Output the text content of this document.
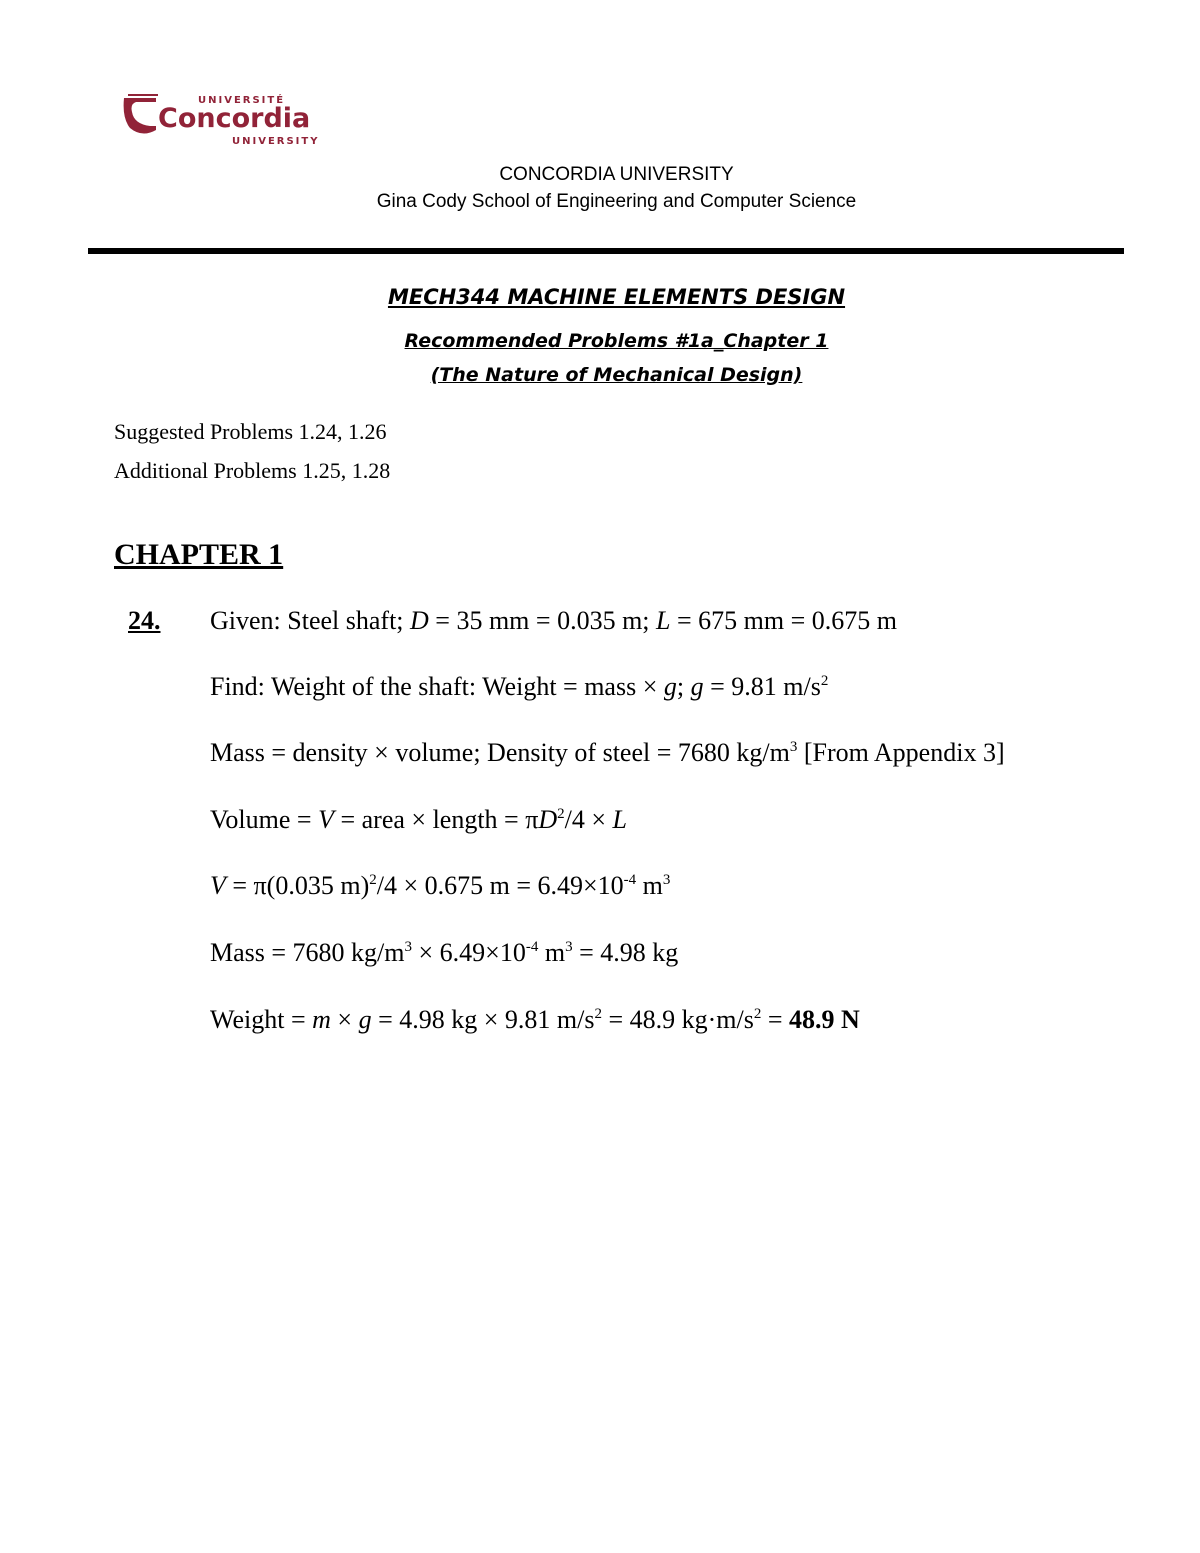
UNIVERSITÉ
Concordia
UNIVERSITY
CONCORDIA UNIVERSITY
Gina Cody School of Engineering and Computer Science
MECH344 MACHINE ELEMENTS DESIGN
Recommended Problems #1a_Chapter 1
(The Nature of Mechanical Design)
Suggested Problems 1.24, 1.26
Additional Problems 1.25, 1.28
CHAPTER 1
24. Given: Steel shaft; D = 35 mm = 0.035 m; L = 675 mm = 0.675 m
Find: Weight of the shaft: Weight = mass × g; g = 9.81 $m/s^2$
Mass = density × volume; Density of steel = 7680 $kg/m^3$ [From Appendix 3]
Volume = V = area × length = $\pi D^2/4 \times L$
V = π(0.035 m)$^2$/4 × 0.675 $m = 6.49\times 10^{-4}$ $m^3$
Mass = 7680 $kg/m^3 \times 6.49\times 10^{-4}$ $m^3 = 4.98$ kg
Weight = m × g = 4.98 kg × 9.81 $m/s^2 = 48.9$ $kg\cdot m/s^2 = 48.9$ N
